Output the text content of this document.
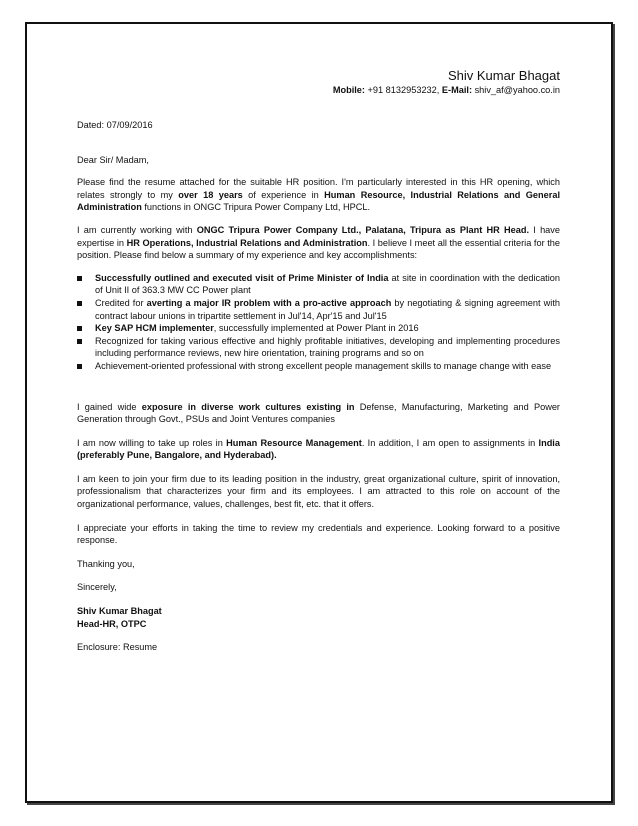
Shiv Kumar Bhagat

Mobile: +91 8132953232, E-Mail: shiv_af@yahoo.co.in

Dated: 07/09/2016

Dear Sir/ Madam,

Please find the resume attached for the suitable HR position. I'm particularly interested in this HR opening, which relates strongly to my over 18 years of experience in Human Resource, Industrial Relations and General Administration functions in ONGC Tripura Power Company Ltd, HPCL.

I am currently working with ONGC Tripura Power Company Ltd., Palatana, Tripura as Plant HR Head. I have expertise in HR Operations, Industrial Relations and Administration. I believe I meet all the essential criteria for the position. Please find below a summary of my experience and key accomplishments:

Successfully outlined and executed visit of Prime Minister of India at site in coordination with the dedication of Unit II of 363.3 MW CC Power plant
Credited for averting a major IR problem with a pro-active approach by negotiating & signing agreement with contract labour unions in tripartite settlement in Jul'14, Apr'15 and Jul'15
Key SAP HCM implementer, successfully implemented at Power Plant in 2016
Recognized for taking various effective and highly profitable initiatives, developing and implementing procedures including performance reviews, new hire orientation, training programs and so on
Achievement-oriented professional with strong excellent people management skills to manage change with ease

I gained wide exposure in diverse work cultures existing in Defense, Manufacturing, Marketing and Power Generation through Govt., PSUs and Joint Ventures companies

I am now willing to take up roles in Human Resource Management. In addition, I am open to assignments in India (preferably Pune, Bangalore, and Hyderabad).

I am keen to join your firm due to its leading position in the industry, great organizational culture, spirit of innovation, professionalism that characterizes your firm and its employees. I am attracted to this role on account of the organizational performance, values, challenges, best fit, etc. that it offers.

I appreciate your efforts in taking the time to review my credentials and experience. Looking forward to a positive response.

Thanking you,

Sincerely,

Shiv Kumar Bhagat

Head-HR, OTPC

Enclosure: Resume
